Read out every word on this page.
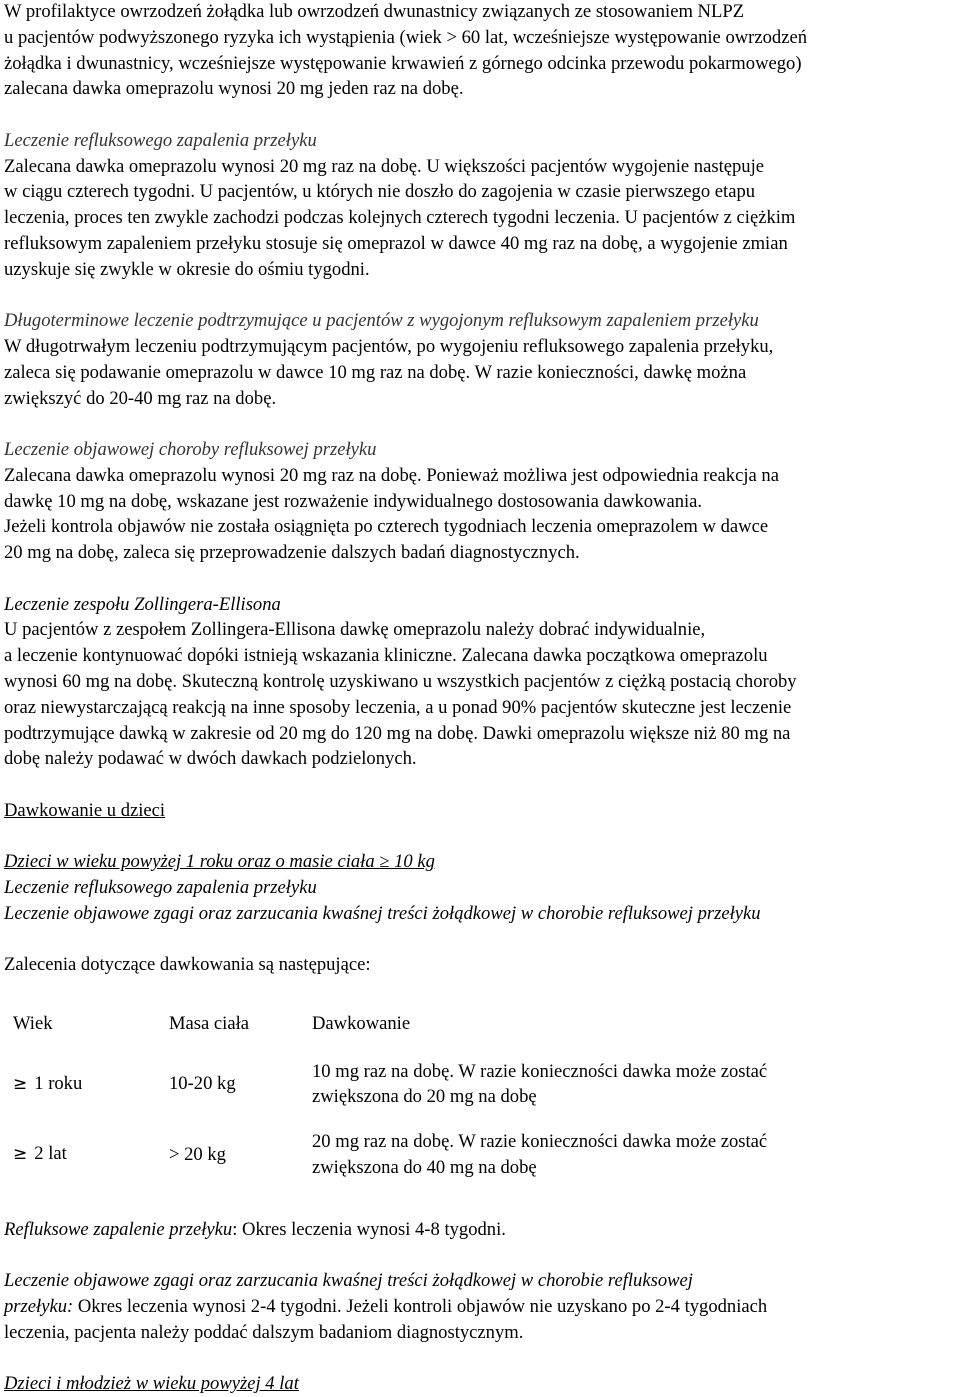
W profilaktyce owrzodzeń żołądka lub owrzodzeń dwunastnicy związanych ze stosowaniem NLPZ
u pacjentów podwyższonego ryzyka ich wystąpienia (wiek > 60 lat, wcześniejsze występowanie owrzodzeń
żołądka i dwunastnicy, wcześniejsze występowanie krwawień z górnego odcinka przewodu pokarmowego)
zalecana dawka omeprazolu wynosi 20 mg jeden raz na dobę.

Leczenie refluksowego zapalenia przełyku
Zalecana dawka omeprazolu wynosi 20 mg raz na dobę. U większości pacjentów wygojenie następuje
w ciągu czterech tygodni. U pacjentów, u których nie doszło do zagojenia w czasie pierwszego etapu
leczenia, proces ten zwykle zachodzi podczas kolejnych czterech tygodni leczenia. U pacjentów z ciężkim
refluksowym zapaleniem przełyku stosuje się omeprazol w dawce 40 mg raz na dobę, a wygojenie zmian
uzyskuje się zwykle w okresie do ośmiu tygodni.

Długoterminowe leczenie podtrzymujące u pacjentów z wygojonym refluksowym zapaleniem przełyku
W długotrwałym leczeniu podtrzymującym pacjentów, po wygojeniu refluksowego zapalenia przełyku,
zaleca się podawanie omeprazolu w dawce 10 mg raz na dobę. W razie konieczności, dawkę można
zwiększyć do 20-40 mg raz na dobę.

Leczenie objawowej choroby refluksowej przełyku
Zalecana dawka omeprazolu wynosi 20 mg raz na dobę. Ponieważ możliwa jest odpowiednia reakcja na
dawkę 10 mg na dobę, wskazane jest rozważenie indywidualnego dostosowania dawkowania.
Jeżeli kontrola objawów nie została osiągnięta po czterech tygodniach leczenia omeprazolem w dawce
20 mg na dobę, zaleca się przeprowadzenie dalszych badań diagnostycznych.

Leczenie zespołu Zollingera-Ellisona
U pacjentów z zespołem Zollingera-Ellisona dawkę omeprazolu należy dobrać indywidualnie,
a leczenie kontynuować dopóki istnieją wskazania kliniczne. Zalecana dawka początkowa omeprazolu
wynosi 60 mg na dobę. Skuteczną kontrolę uzyskiwano u wszystkich pacjentów z ciężką postacią choroby
oraz niewystarczającą reakcją na inne sposoby leczenia, a u ponad 90% pacjentów skuteczne jest leczenie
podtrzymujące dawką w zakresie od 20 mg do 120 mg na dobę. Dawki omeprazolu większe niż 80 mg na
dobę należy podawać w dwóch dawkach podzielonych.

Dawkowanie u dzieci

Dzieci w wieku powyżej 1 roku oraz o masie ciała ≥ 10 kg
Leczenie refluksowego zapalenia przełyku
Leczenie objawowe zgagi oraz zarzucania kwaśnej treści żołądkowej w chorobie refluksowej przełyku

Zalecenia dotyczące dawkowania są następujące:

Wiek	Masa ciała	Dawkowanie
≥ 1 roku	10-20 kg	10 mg raz na dobę. W razie konieczności dawka może zostać
zwiększona do 20 mg na dobę

≥ 2 lat	> 20 kg	20 mg raz na dobę. W razie konieczności dawka może zostać
zwiększona do 40 mg na dobę

Refluksowe zapalenie przełyku: Okres leczenia wynosi 4-8 tygodni.

Leczenie objawowe zgagi oraz zarzucania kwaśnej treści żołądkowej w chorobie refluksowej
przełyku: Okres leczenia wynosi 2-4 tygodni. Jeżeli kontroli objawów nie uzyskano po 2-4 tygodniach
leczenia, pacjenta należy poddać dalszym badaniom diagnostycznym.

Dzieci i młodzież w wieku powyżej 4 lat
